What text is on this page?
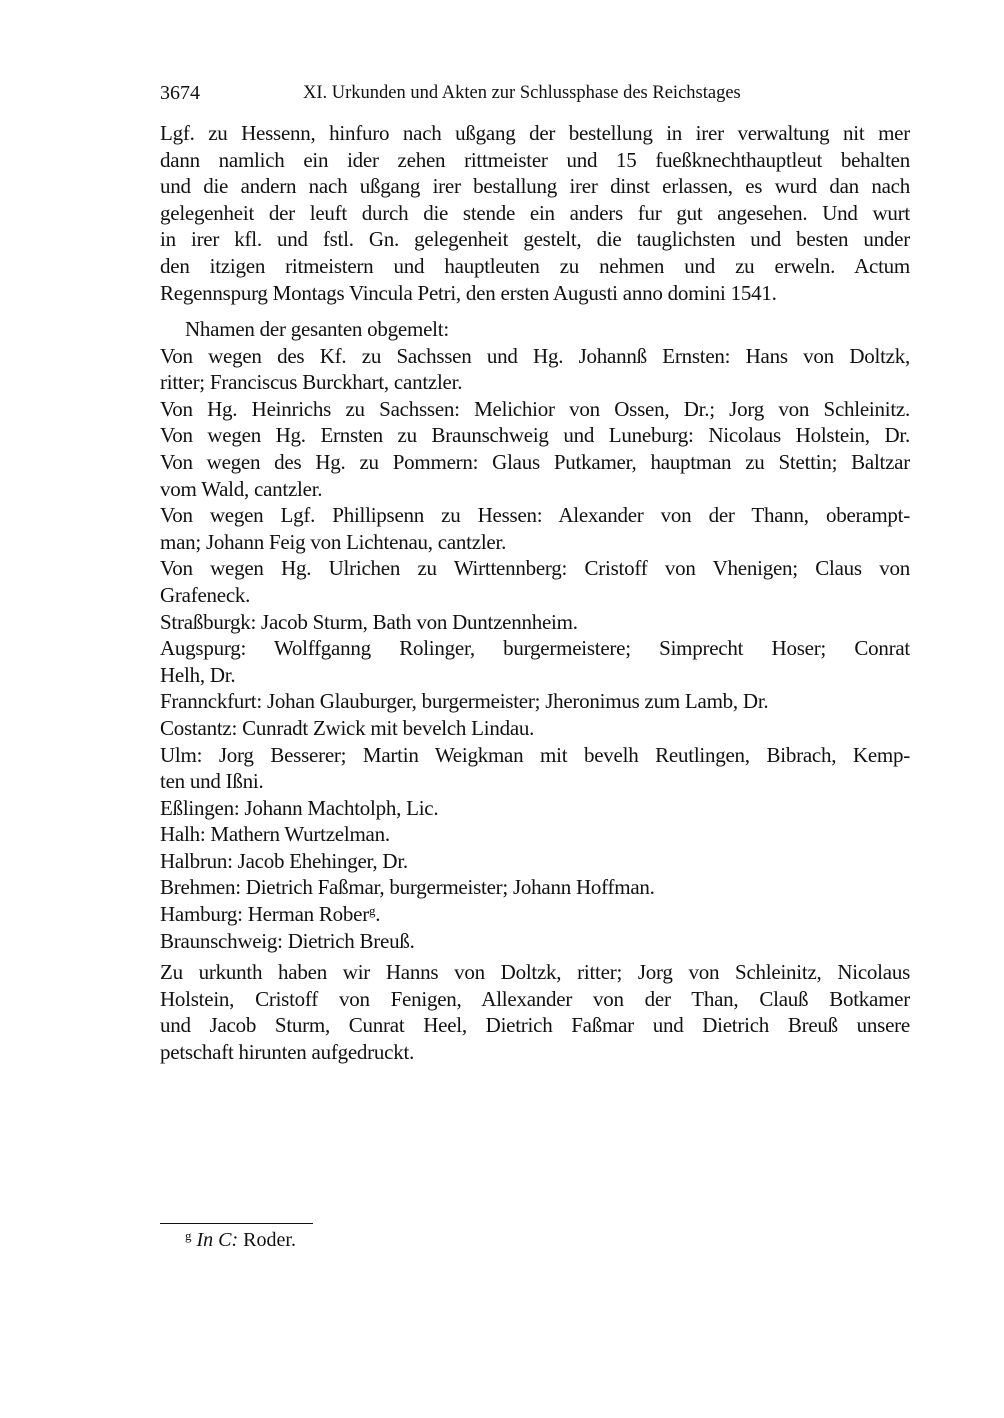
3674	XI. Urkunden und Akten zur Schlussphase des Reichstages
Lgf. zu Hessenn, hinfuro nach ußgang der bestellung in irer verwaltung nit mer
dann namlich ein ider zehen rittmeister und 15 fueßknechthauptleut behalten
und die andern nach ußgang irer bestallung irer dinst erlassen, es wurd dan nach
gelegenheit der leuft durch die stende ein anders fur gut angesehen. Und wurt
in irer kfl. und fstl. Gn. gelegenheit gestelt, die tauglichsten und besten under
den itzigen ritmeistern und hauptleuten zu nehmen und zu erweln. Actum
Regennspurg Montags Vincula Petri, den ersten Augusti anno domini 1541.
Nhamen der gesanten obgemelt:
Von wegen des Kf. zu Sachssen und Hg. Johannß Ernsten: Hans von Doltzk,
ritter; Franciscus Burckhart, cantzler.
Von Hg. Heinrichs zu Sachssen: Melichior von Ossen, Dr.; Jorg von Schleinitz.
Von wegen Hg. Ernsten zu Braunschweig und Luneburg: Nicolaus Holstein, Dr.
Von wegen des Hg. zu Pommern: Glaus Putkamer, hauptman zu Stettin; Baltzar
vom Wald, cantzler.
Von wegen Lgf. Phillipsenn zu Hessen: Alexander von der Thann, oberampt-
man; Johann Feig von Lichtenau, cantzler.
Von wegen Hg. Ulrichen zu Wirttennberg: Cristoff von Vhenigen; Claus von
Grafeneck.
Straßburgk: Jacob Sturm, Bath von Duntzennheim.
Augspurg: Wolffganng Rolinger, burgermeistere; Simprecht Hoser; Conrat
Helh, Dr.
Frannckfurt: Johan Glauburger, burgermeister; Jheronimus zum Lamb, Dr.
Costantz: Cunradt Zwick mit bevelch Lindau.
Ulm: Jorg Besserer; Martin Weigkman mit bevelh Reutlingen, Bibrach, Kemp-
ten und Ißni.
Eßlingen: Johann Machtolph, Lic.
Halh: Mathern Wurtzelman.
Halbrun: Jacob Ehehinger, Dr.
Brehmen: Dietrich Faßmar, burgermeister; Johann Hoffman.
Hamburg: Herman Rober$^g$.
Braunschweig: Dietrich Breuß.
Zu urkunth haben wir Hanns von Doltzk, ritter; Jorg von Schleinitz, Nicolaus
Holstein, Cristoff von Fenigen, Allexander von der Than, Clauß Botkamer
und Jacob Sturm, Cunrat Heel, Dietrich Faßmar und Dietrich Breuß unsere
petschaft hirunten aufgedruckt.
$^g$ In C: Roder.
